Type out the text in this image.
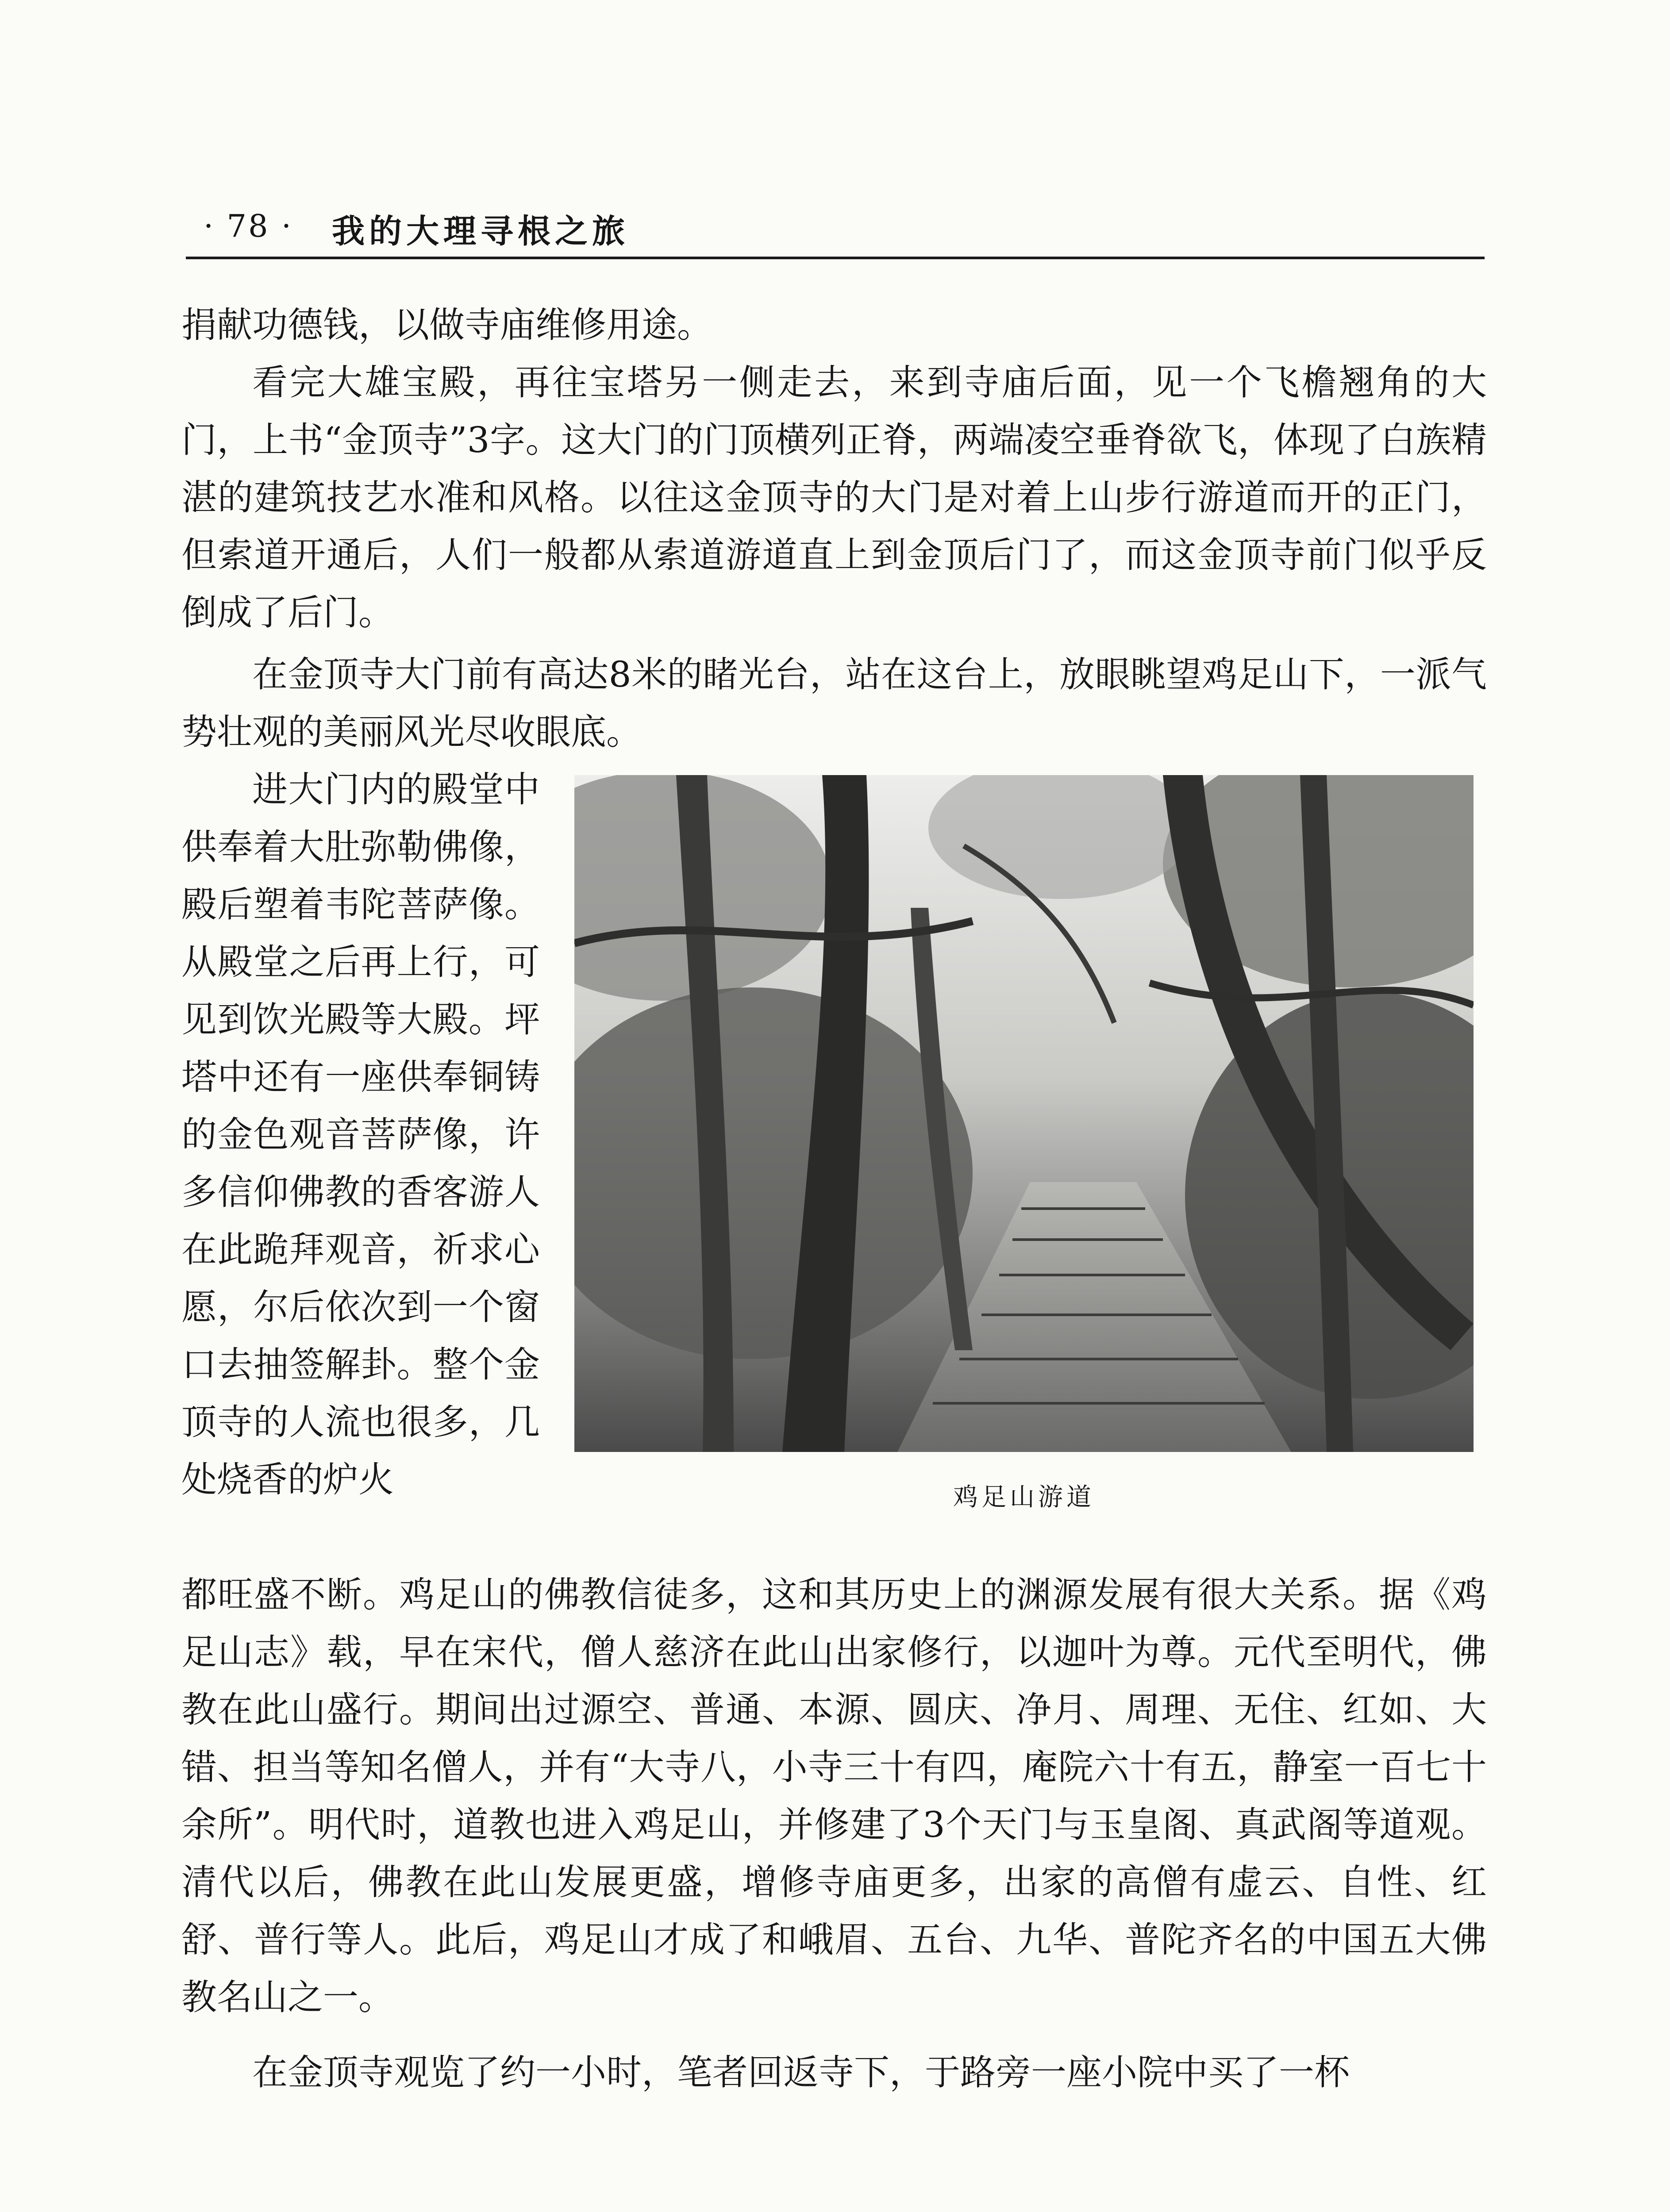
· 78 · 我的大理寻根之旅

捐献功德钱，以做寺庙维修用途。

看完大雄宝殿，再往宝塔另一侧走去，来到寺庙后面，见一个飞檐翘角的大门，上书“金顶寺”3字。这大门的门顶横列正脊，两端凌空垂脊欲飞，体现了白族精湛的建筑技艺水准和风格。以往这金顶寺的大门是对着上山步行游道而开的正门，但索道开通后，人们一般都从索道游道直上到金顶后门了，而这金顶寺前门似乎反倒成了后门。

在金顶寺大门前有高达8米的睹光台，站在这台上，放眼眺望鸡足山下，一派气势壮观的美丽风光尽收眼底。

进大门内的殿堂中供奉着大肚弥勒佛像，殿后塑着韦陀菩萨像。从殿堂之后再上行，可见到饮光殿等大殿。坪塔中还有一座供奉铜铸的金色观音菩萨像，许多信仰佛教的香客游人在此跪拜观音，祈求心愿，尔后依次到一个窗口去抽签解卦。整个金顶寺的人流也很多，几处烧香的炉火

都旺盛不断。鸡足山的佛教信徒多，这和其历史上的渊源发展有很大关系。据《鸡足山志》载，早在宋代，僧人慈济在此山出家修行，以迦叶为尊。元代至明代，佛教在此山盛行。期间出过源空、普通、本源、圆庆、净月、周理、无住、红如、大错、担当等知名僧人，并有“大寺八，小寺三十有四，庵院六十有五，静室一百七十余所”。明代时，道教也进入鸡足山，并修建了3个天门与玉皇阁、真武阁等道观。清代以后，佛教在此山发展更盛，增修寺庙更多，出家的高僧有虚云、自性、红舒、普行等人。此后，鸡足山才成了和峨眉、五台、九华、普陀齐名的中国五大佛教名山之一。

在金顶寺观览了约一小时，笔者回返寺下，于路旁一座小院中买了一杯

鸡足山游道
